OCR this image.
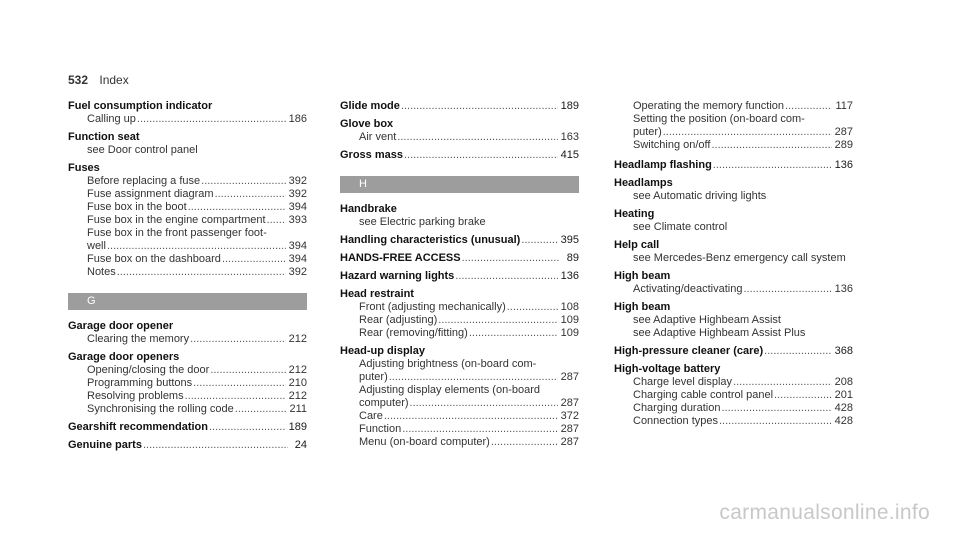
532 Index
Fuel consumption indicator
Calling up .....	186
Function seat
see Door control panel
Fuses
Before replacing a fuse .....	392
Fuse assignment diagram .....	392
Fuse box in the boot .....	394
Fuse box in the engine compartment ..... 393
Fuse box in the front passenger foot-
well .....	394
Fuse box on the dashboard .....	394
Notes .....	392
G
Garage door opener
Clearing the memory .....	212
Garage door openers
Opening/closing the door .....	212
Programming buttons .....	210
Resolving problems .....	212
Synchronising the rolling code .....	211
Gearshift recommendation .....	189
Genuine parts .....	24
Glide mode .....	189
Glove box
Air vent .....	163
Gross mass .....	415
H
Handbrake
see Electric parking brake
Handling characteristics (unusual) .....	395
HANDS-FREE ACCESS .....	89
Hazard warning lights .....	136
Head restraint
Front (adjusting mechanically) .....	108
Rear (adjusting) .....	109
Rear (removing/fitting) .....	109
Head-up display
Adjusting brightness (on-board com-
puter) .....	287
Adjusting display elements (on-board
computer) .....	287
Care .....	372
Function .....	287
Menu (on-board computer) .....	287
Operating the memory function .....	117
Setting the position (on-board com-
puter) .....	287
Switching on/off .....	289
Headlamp flashing .....	136
Headlamps
see Automatic driving lights
Heating
see Climate control
Help call
see Mercedes-Benz emergency call system
High beam
Activating/deactivating .....	136
High beam
see Adaptive Highbeam Assist
see Adaptive Highbeam Assist Plus
High-pressure cleaner (care) .....	368
High-voltage battery
Charge level display .....	208
Charging cable control panel .....	201
Charging duration .....	428
Connection types .....	428
carmanualsonline.info
